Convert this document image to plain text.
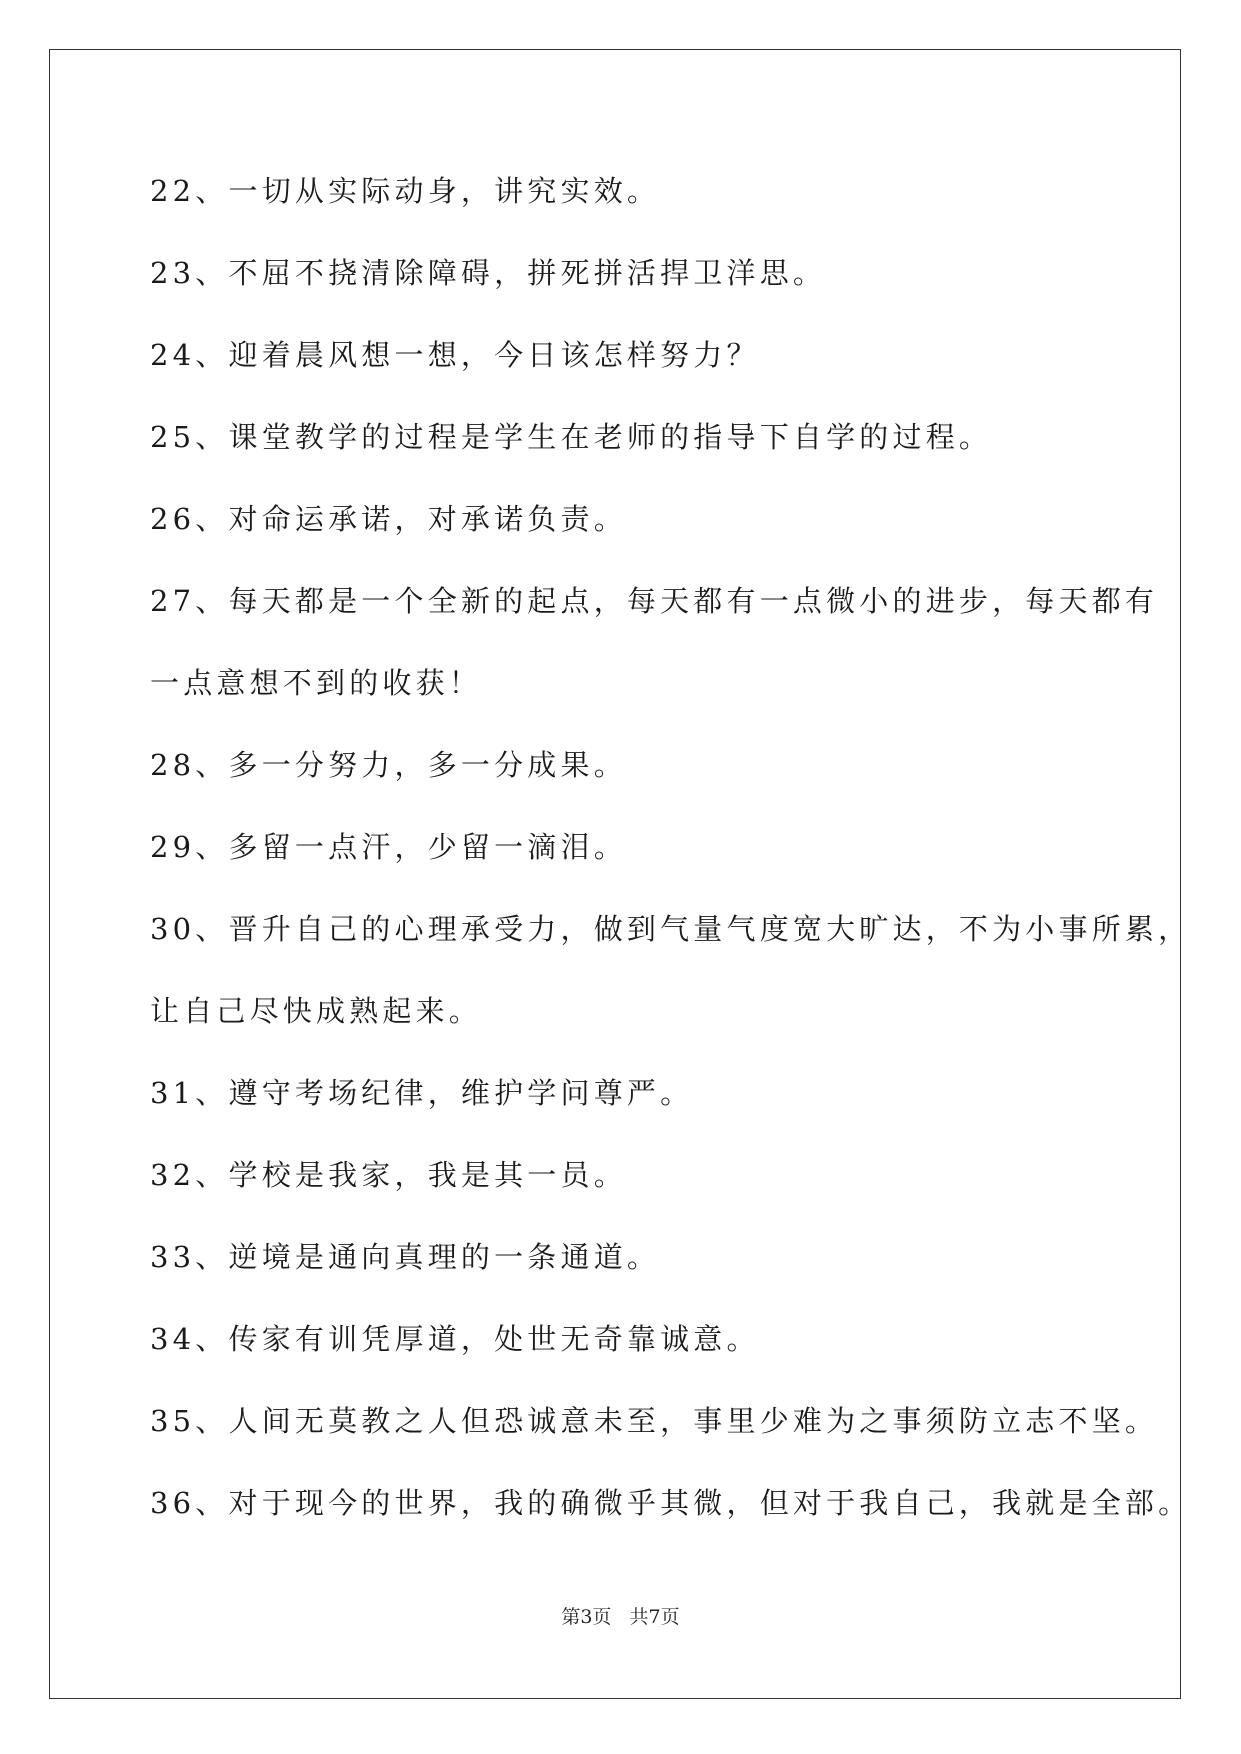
22、一切从实际动身，讲究实效。

23、不屈不挠清除障碍，拼死拼活捍卫洋思。

24、迎着晨风想一想，今日该怎样努力？

25、课堂教学的过程是学生在老师的指导下自学的过程。

26、对命运承诺，对承诺负责。

27、每天都是一个全新的起点，每天都有一点微小的进步，每天都有

一点意想不到的收获！

28、多一分努力，多一分成果。

29、多留一点汗，少留一滴泪。

30、晋升自己的心理承受力，做到气量气度宽大旷达，不为小事所累，

让自己尽快成熟起来。

31、遵守考场纪律，维护学问尊严。

32、学校是我家，我是其一员。

33、逆境是通向真理的一条通道。

34、传家有训凭厚道，处世无奇靠诚意。

35、人间无莫教之人但恐诚意未至，事里少难为之事须防立志不坚。

36、对于现今的世界，我的确微乎其微，但对于我自己，我就是全部。

第3页   共7页
